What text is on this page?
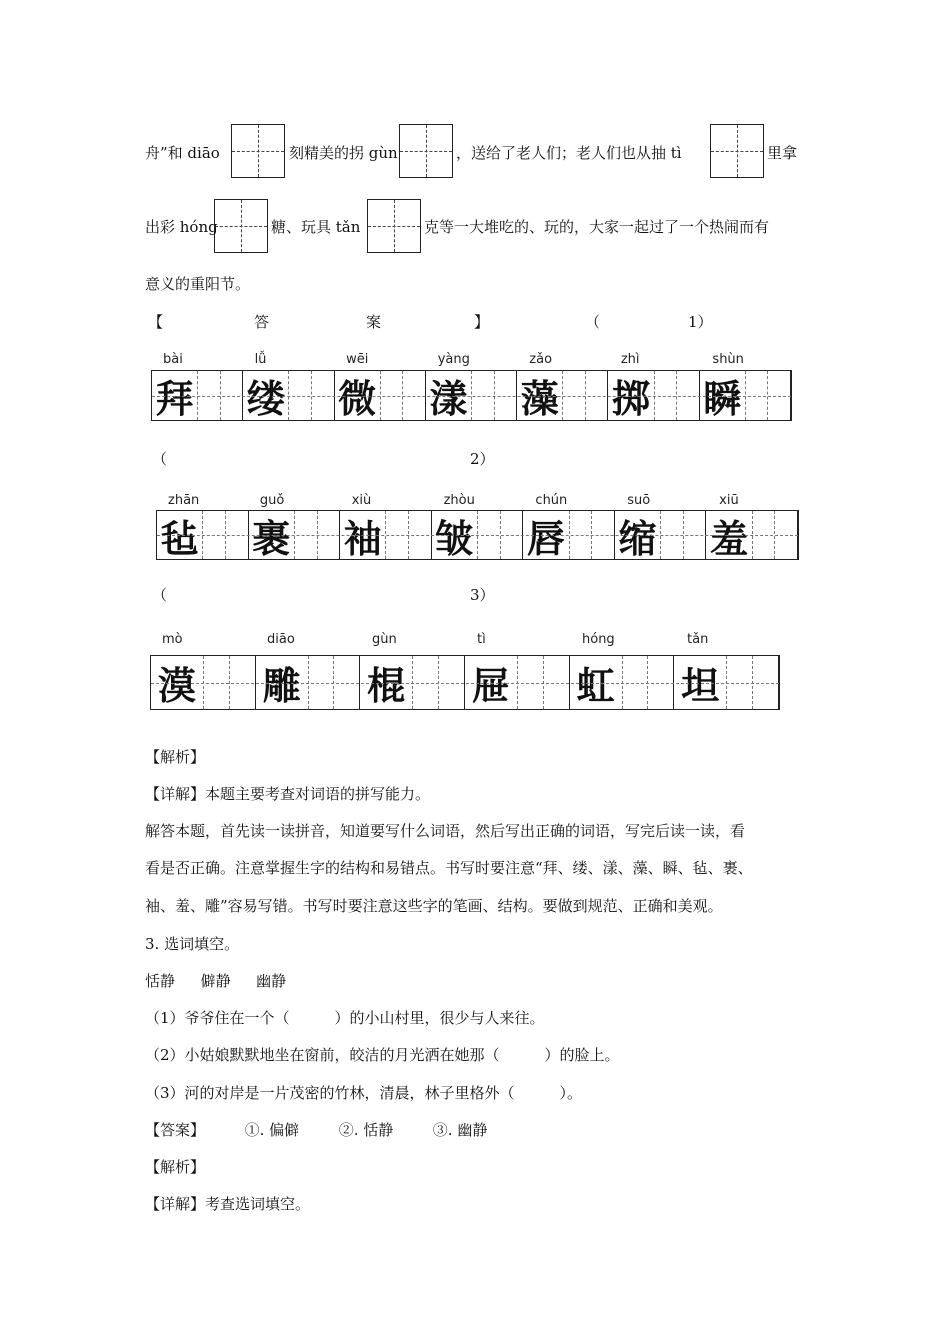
舟”和 diāo	刻精美的拐 gùn	，送给了老人们；老人们也从抽 tì	里拿
出彩 hóng	糖、玩具 tǎn	克等一大堆吃的、玩的，大家一起过了一个热闹而有
意义的重阳节。
【	答	案	】	（	1）
拜 缕 微 漾 藻 掷 瞬
bài	lǚ	wēi	yàng	zǎo	zhì	shùn
（	2）
毡 裹 袖 皱 唇 缩 羞
zhān	guǒ	xiù	zhòu	chún	suō	xiū
（	3）
漠 雕 棍 屉 虹 坦
mò	diāo	gùn	tì	hóng	tǎn
【解析】
【详解】本题主要考查对词语的拼写能力。
解答本题，首先读一读拼音，知道要写什么词语，然后写出正确的词语，写完后读一读，看
看是否正确。注意掌握生字的结构和易错点。书写时要注意“拜、缕、漾、藻、瞬、毡、裹、
袖、羞、雕”容易写错。书写时要注意这些字的笔画、结构。要做到规范、正确和美观。
3. 选词填空。
恬静 僻静 幽静
（1）爷爷住在一个（　　　）的小山村里，很少与人来往。
（2）小姑娘默默地坐在窗前，皎洁的月光洒在她那（　　　）的脸上。
（3）河的对岸是一片茂密的竹林，清晨，林子里格外（　　　）。
【答案】	①. 偏僻	②. 恬静	③. 幽静
【解析】
【详解】考查选词填空。
